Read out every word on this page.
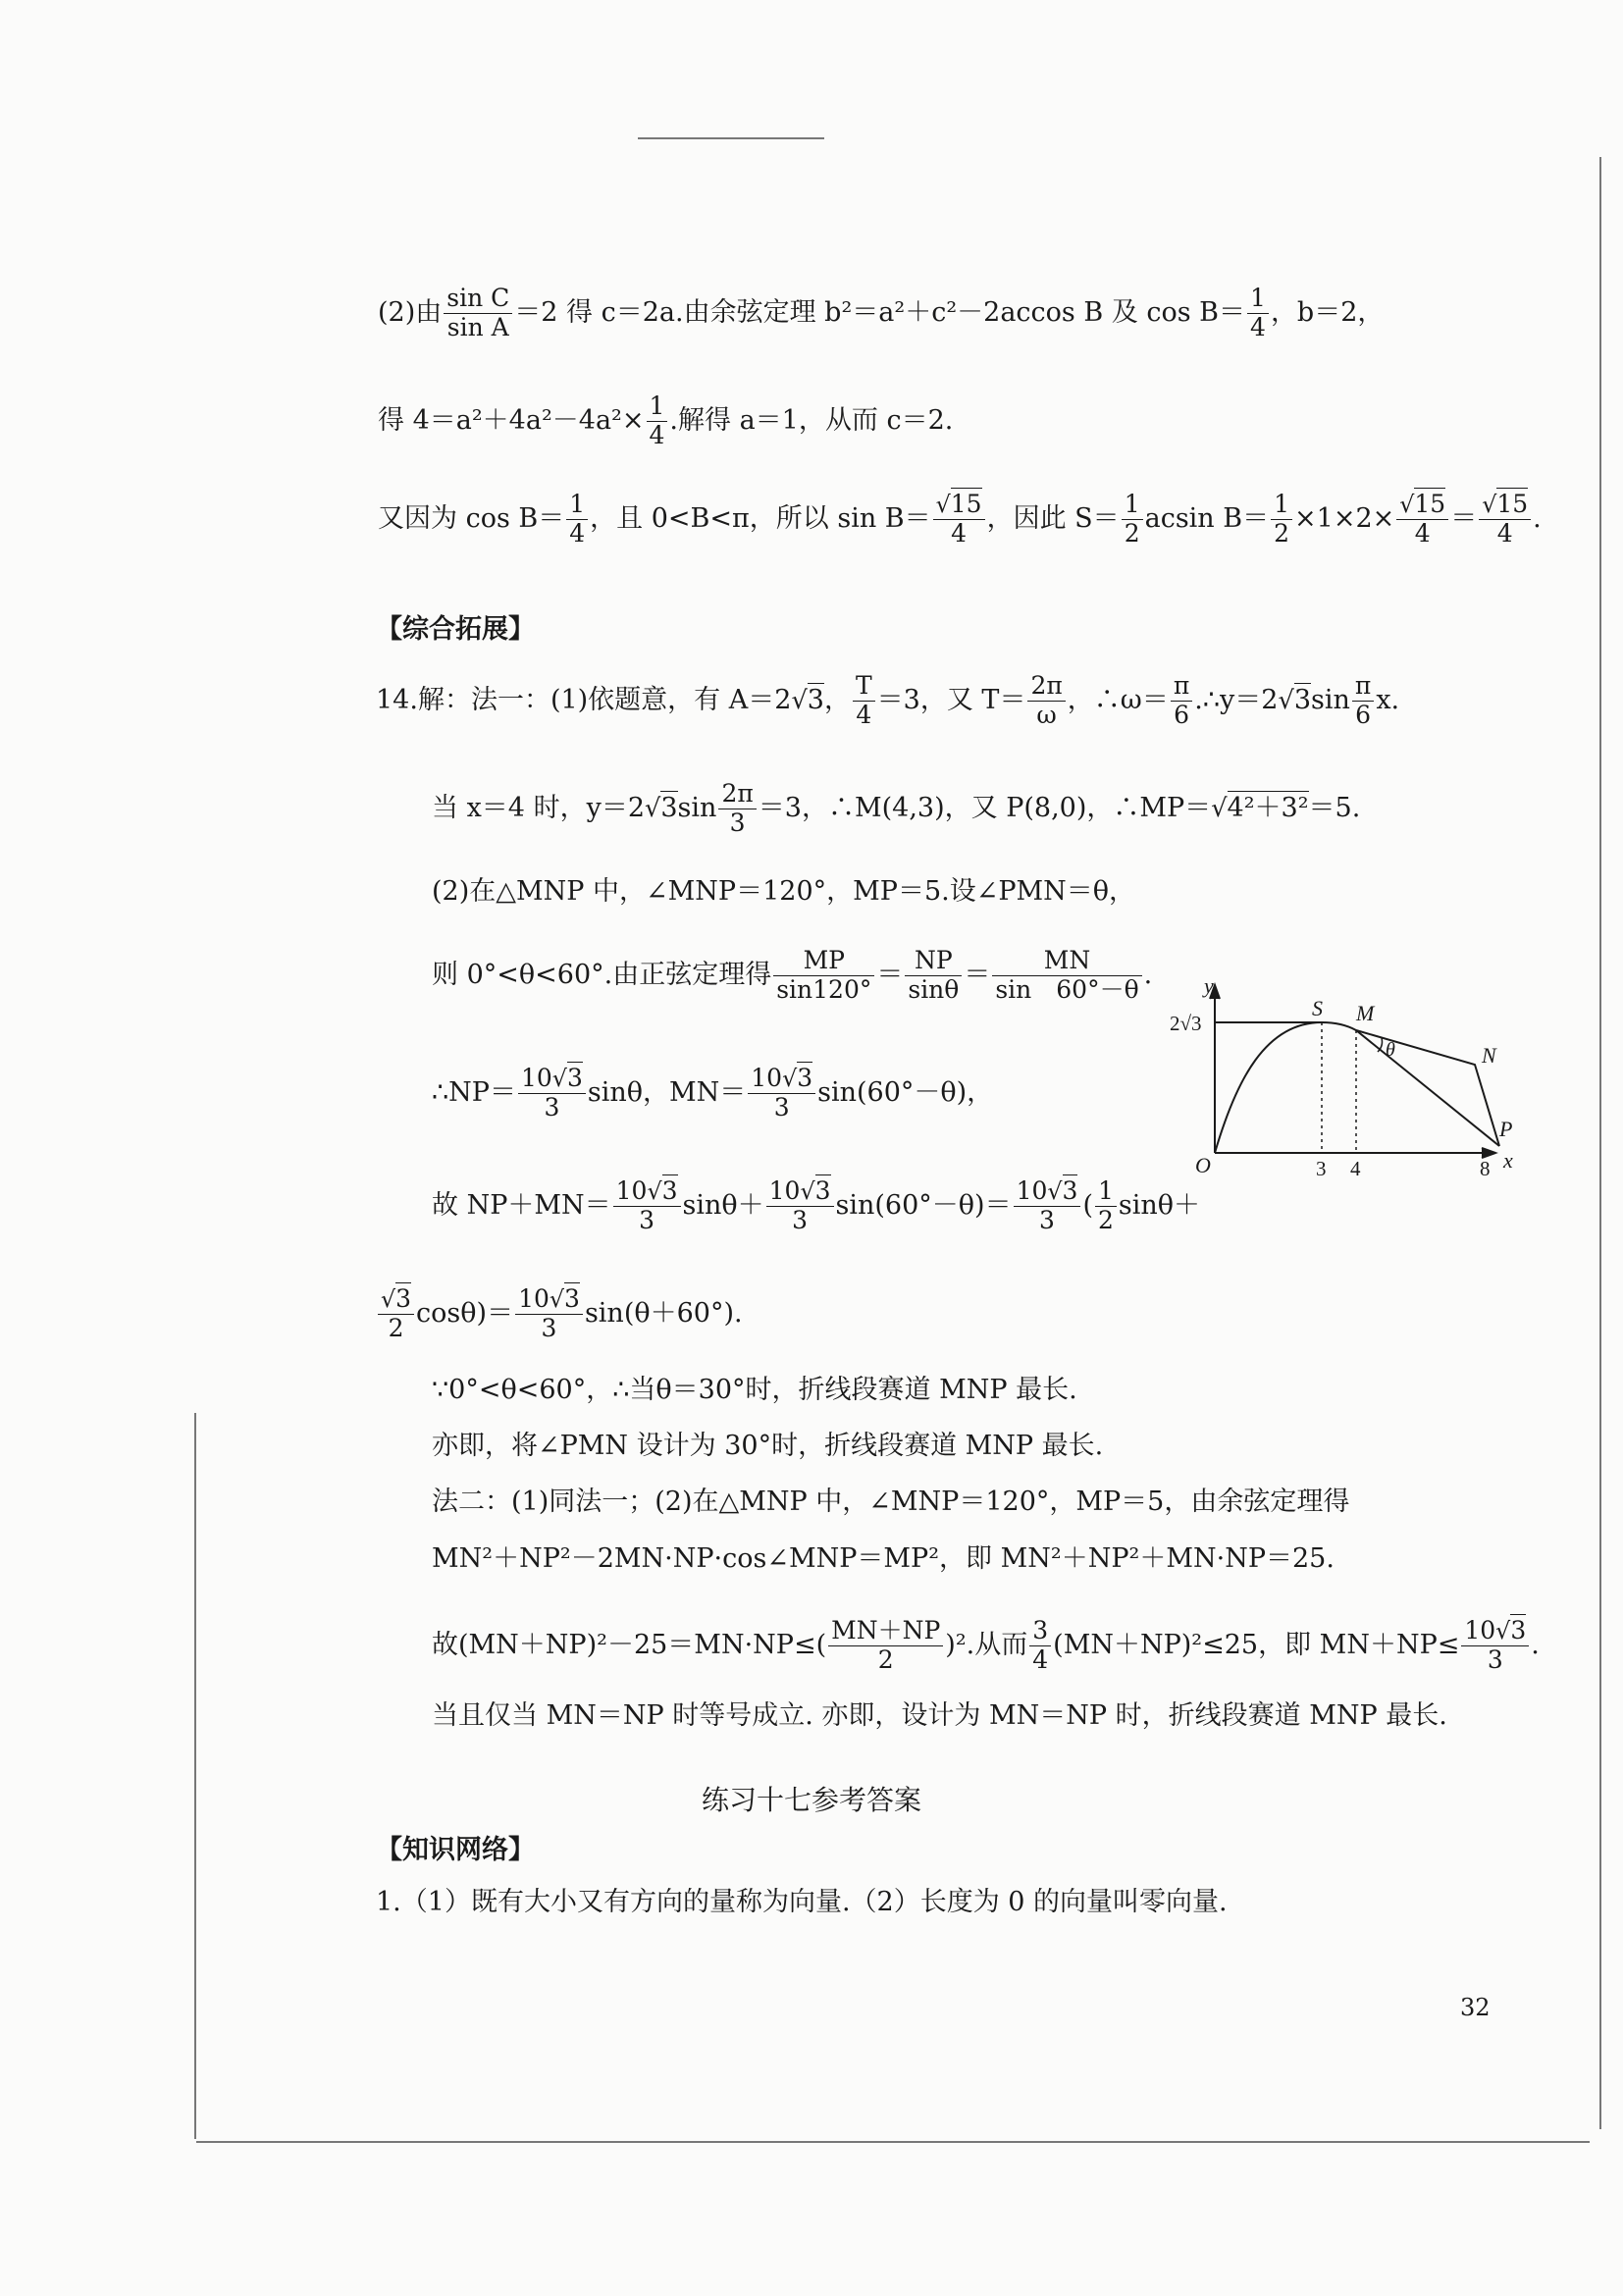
(2)由 $\frac{\text{sin C}}{\text{sin A}} =2$ 得 c＝2a.由余弦定理 b²＝a²＋c²－2accos B 及 $\cos B= \frac{1}{4}$ ，b＝2，
得 $4=a^2+4a^2-4a^2\times \frac{1}{4}$ .解得 a＝1，从而 c＝2.
又因为 $\cos B= \frac{1}{4}$ ，且 0<B<π，所以 $\sin B= \frac{√15}{4}$ ，因此 $S= \frac{1}{2}$ acsin $B= \frac{1}{2} \times 1\times 2\times \frac{√15}{4} = \frac{√15}{4}$ .
【综合拓展】
14.解：法一：(1)依题意，有 A＝2√3， $\frac{T}{4} =3$，又 $T= \frac{2\pi}{\omega}$ ，∴ω＝ $\frac{\pi}{6}$ .∴y＝2√3sin $\frac{\pi}{6} x$.
当 x＝4 时，$y=2√3\sin \frac{2\pi}{3} =3$，∴M(4,3)，又 P(8,0)，∴MP＝√4²＋3²＝5.
(2)在△MNP 中，∠MNP＝120°，MP＝5.设∠PMN＝θ，
则 0°<θ<60°.由正弦定理得 $\frac{MP}{\sin 120^\circ} = \frac{NP}{\sin\theta} = \frac{MN}{\sin 60^\circ-\theta}$ .
∴NP＝ $\frac{10√3}{3}$ sinθ，$MN= \frac{10√3}{3} \sin(60^\circ-\theta)$，
故 $NP+MN= \frac{10√3}{3} \sin\theta+ \frac{10√3}{3} \sin(60^\circ-\theta)= \frac{10√3}{3}$ ( $\frac{1}{2} \sin\theta+$
$\frac{√3}{2} \cos\theta)= \frac{10√3}{3} \sin(\theta+60^\circ)$.
∵0°<θ<60°，∴当θ＝30°时，折线段赛道 MNP 最长.
亦即，将∠PMN 设计为 30°时，折线段赛道 MNP 最长.
法二：(1)同法一；(2)在△MNP 中，∠MNP＝120°，MP＝5，由余弦定理得
MN²＋NP²－2MN·NP·cos∠MNP＝MP²，即 MN²＋NP²＋MN·NP＝25.
故$(MN+NP)^2-25=MN\cdot NP\le( \frac{MN+NP}{2} )^2$.从而 $\frac{3}{4} (MN+NP)^2\le 25$，即 $MN+NP\le \frac{10√3}{3}$ .
当且仅当 MN＝NP 时等号成立. 亦即，设计为 MN＝NP 时，折线段赛道 MNP 最长.
练习十七参考答案
【知识网络】
1.（1）既有大小又有方向的量称为向量.（2）长度为 0 的向量叫零向量.
32
y
x
S M
N
P
θ
O
2√3
3 4	8
